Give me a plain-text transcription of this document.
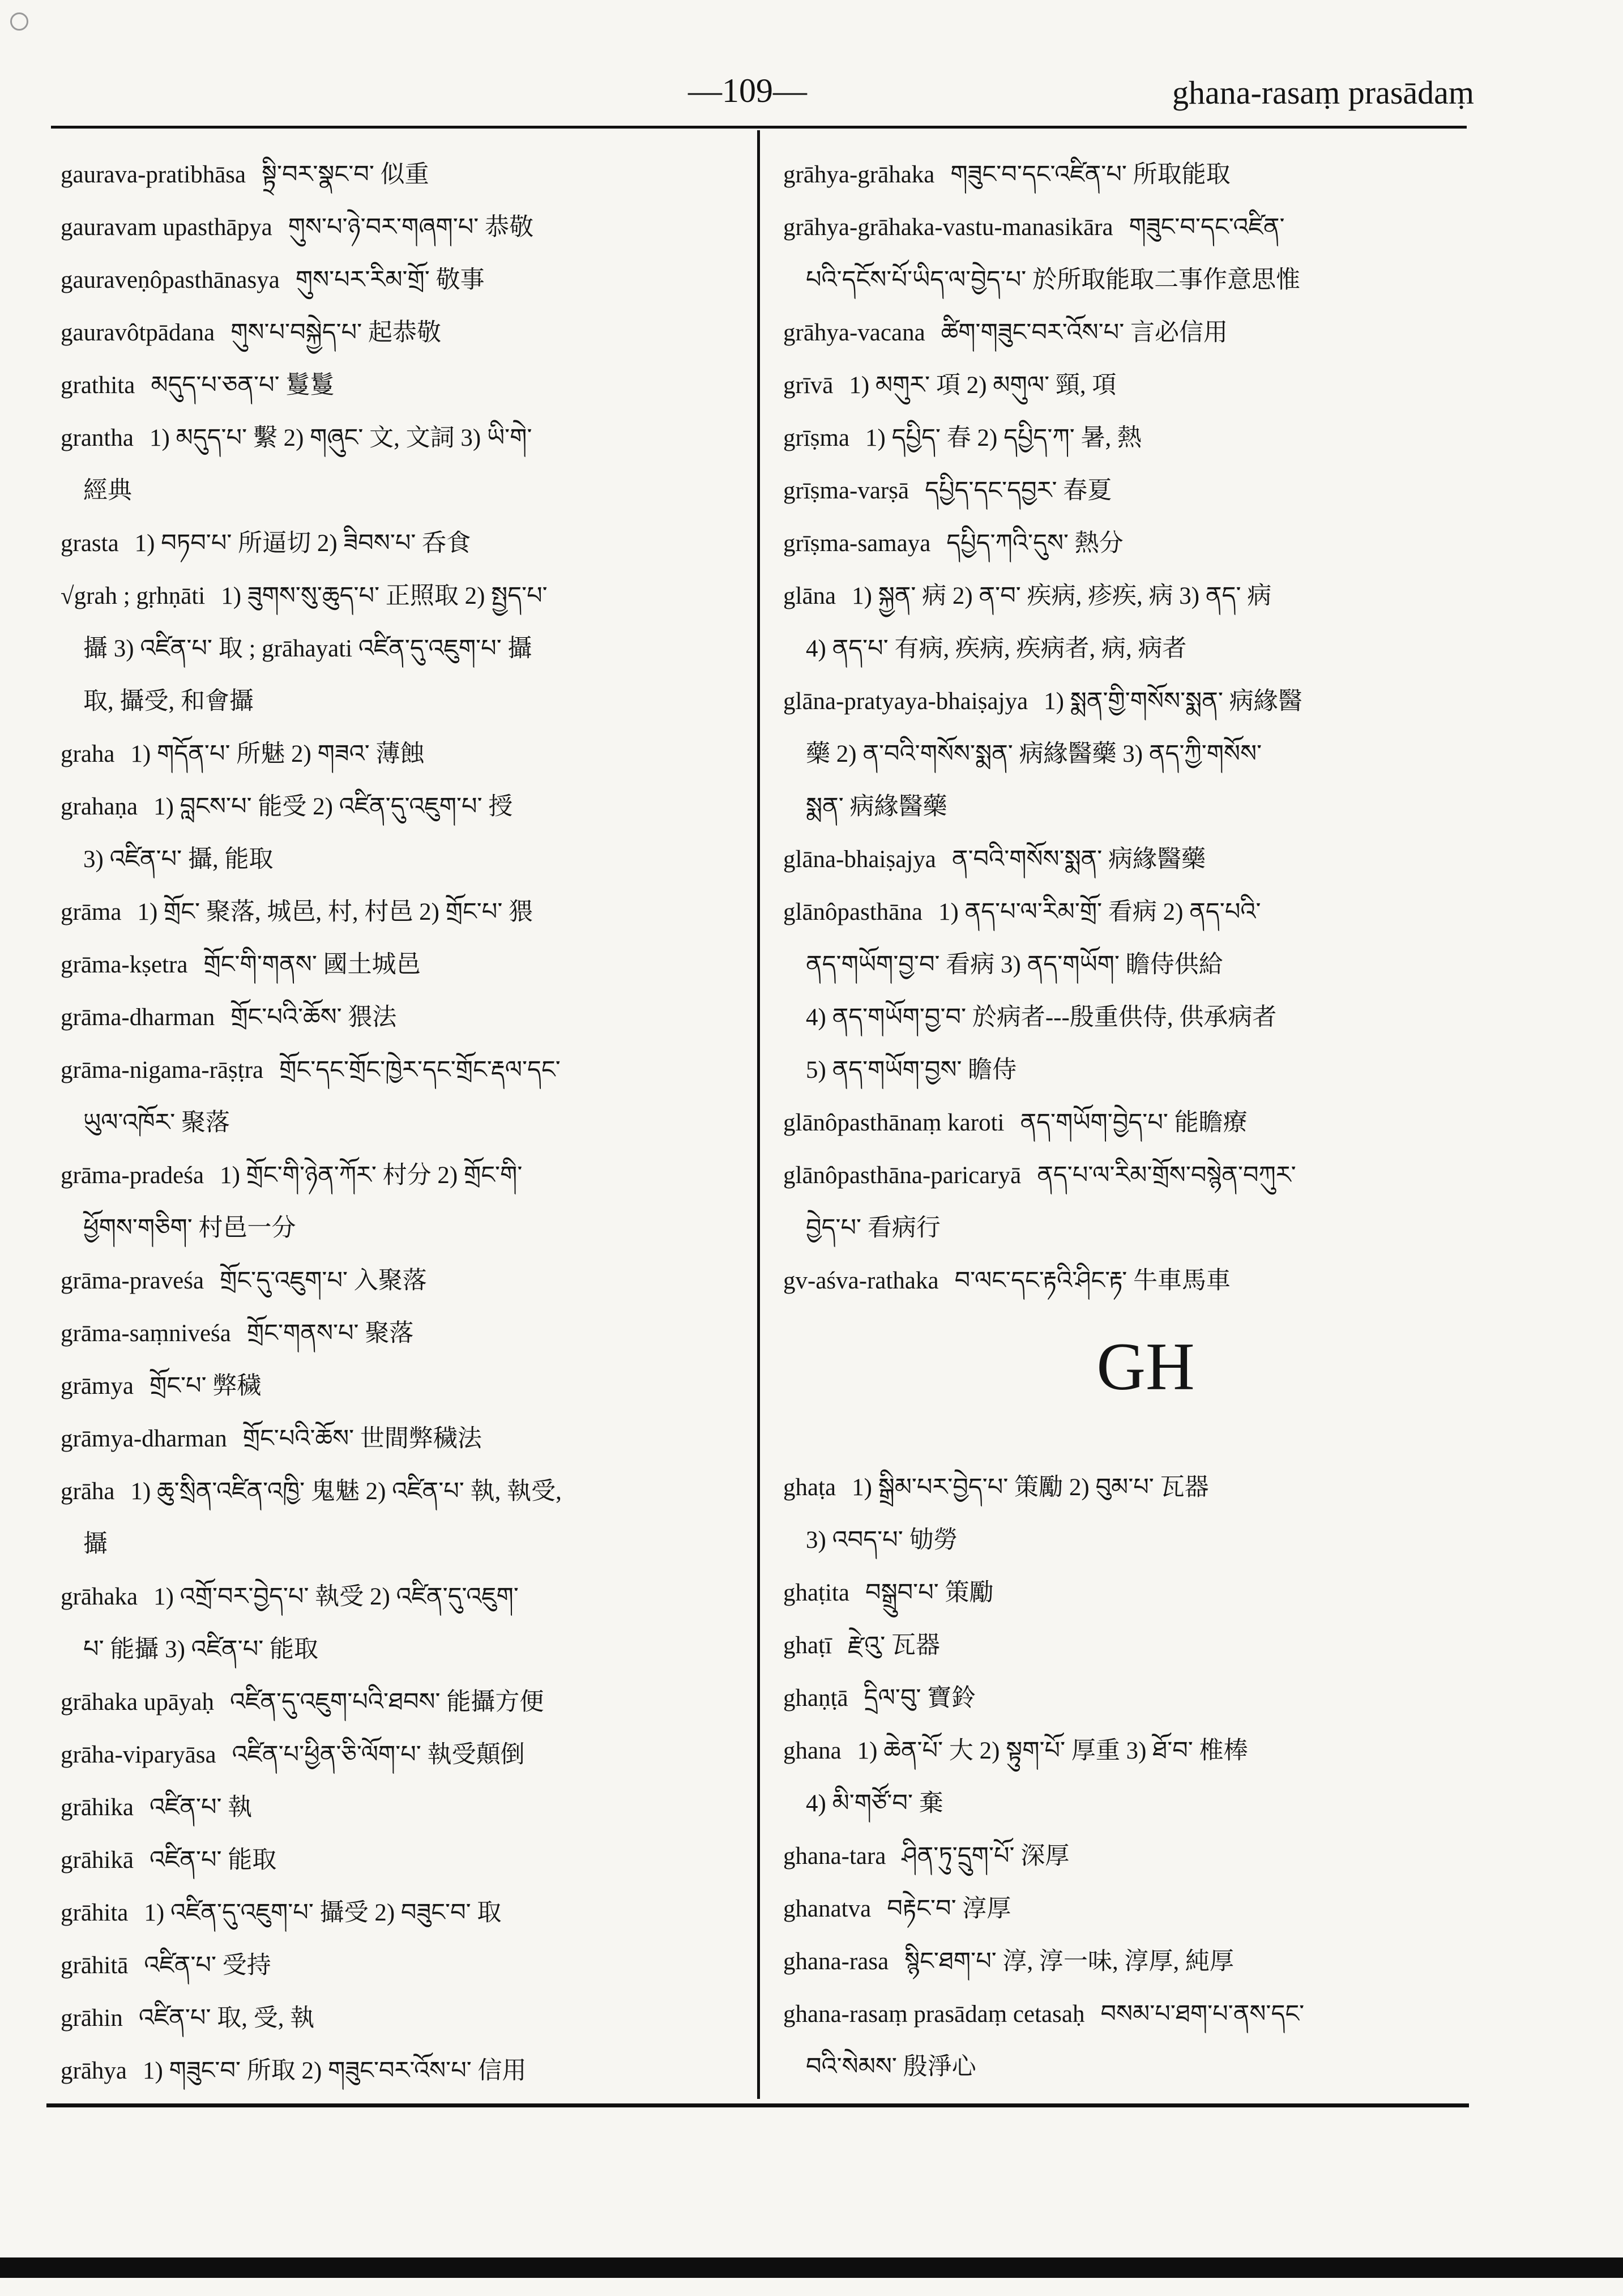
—109—	ghana-rasaṃ prasādaṃ
gaurava-pratibhāsa སྟྲི་བར་སྣང་བ་ 似重
gauravam upasthāpya གུས་པ་ཉེ་བར་གཞག་པ་ 恭敬
gauraveṇôpasthānasya གུས་པར་རིམ་གྲོ་ 敬事
gauravôtpādana གུས་པ་བསྐྱེད་པ་ 起恭敬
grathita མདུད་པ་ཅན་པ་ 鬘鬘
grantha 1) མདུད་པ་ 繫 2) གཞུང་ 文, 文詞 3) ཡི་གེ་
經典
grasta 1) བཏབ་པ་ 所逼切 2) ཟིབས་པ་ 呑食
√grah ; gṛhṇāti 1) ཟུགས་སུ་ཆུད་པ་ 正照取 2) སྤྱད་པ་
攝 3) འཛིན་པ་ 取 ; grāhayati འཛིན་དུ་འཇུག་པ་ 攝
取, 攝受, 和會攝
graha 1) གདོན་པ་ 所魅 2) གཟའ་ 薄蝕
grahaṇa 1) བླངས་པ་ 能受 2) འཛིན་དུ་འཇུག་པ་ 授
3) འཛིན་པ་ 攝, 能取
grāma 1) གྲོང་ 聚落, 城邑, 村, 村邑 2) གྲོང་པ་ 猥
grāma-kṣetra གྲོང་གི་གནས་ 國土城邑
grāma-dharman གྲོང་པའི་ཆོས་ 猥法
grāma-nigama-rāṣṭra གྲོང་དང་གྲོང་ཁྱེར་དང་གྲོང་རྡལ་དང་
ཡུལ་འཁོར་ 聚落
grāma-pradeśa 1) གྲོང་གི་ཉེན་ཀོར་ 村分 2) གྲོང་གི་
ཕྱོགས་གཅིག་ 村邑一分
grāma-praveśa གྲོང་དུ་འཇུག་པ་ 入聚落
grāma-saṃniveśa གྲོང་གནས་པ་ 聚落
grāmya གྲོང་པ་ 弊穢
grāmya-dharman གྲོང་པའི་ཆོས་ 世間弊穢法
grāha 1) ཆུ་སྲིན་འཛིན་འཁྱི་ 鬼魅 2) འཛིན་པ་ 執, 執受,
攝
grāhaka 1) འགྲོ་བར་བྱེད་པ་ 執受 2) འཛིན་དུ་འཇུག་
པ་ 能攝 3) འཛིན་པ་ 能取
grāhaka upāyaḥ འཛིན་དུ་འཇུག་པའི་ཐབས་ 能攝方便
grāha-viparyāsa འཛིན་པ་ཕྱིན་ཅི་ལོག་པ་ 執受顛倒
grāhika འཛིན་པ་ 執
grāhikā འཛིན་པ་ 能取
grāhita 1) འཛིན་དུ་འཇུག་པ་ 攝受 2) བཟུང་བ་ 取
grāhitā འཛིན་པ་ 受持
grāhin འཛིན་པ་ 取, 受, 執
grāhya 1) གཟུང་བ་ 所取 2) གཟུང་བར་འོས་པ་ 信用
grāhya-grāhaka གཟུང་བ་དང་འཛིན་པ་ 所取能取
grāhya-grāhaka-vastu-manasikāra གཟུང་བ་དང་འཛིན་
པའི་དངོས་པོ་ཡིད་ལ་བྱེད་པ་ 於所取能取二事作意思惟
grāhya-vacana ཚིག་གཟུང་བར་འོས་པ་ 言必信用
grīvā 1) མགུར་ 項 2) མགུལ་ 頸, 項
grīṣma 1) དཔྱིད་ 春 2) དཔྱིད་ཀ་ 暑, 熱
grīṣma-varṣā དཔྱིད་དང་དབྱར་ 春夏
grīṣma-samaya དཔྱིད་ཀའི་དུས་ 熱分
glāna 1) སྐྱན་ 病 2) ན་བ་ 疾病, 疹疾, 病 3) ནད་ 病
4) ནད་པ་ 有病, 疾病, 疾病者, 病, 病者
glāna-pratyaya-bhaiṣajya 1) སྨན་གྱི་གསོས་སྨན་ 病緣醫
藥 2) ན་བའི་གསོས་སྨན་ 病緣醫藥 3) ནད་ཀྱི་གསོས་
སྨན་ 病緣醫藥
glāna-bhaiṣajya ན་བའི་གསོས་སྨན་ 病緣醫藥
glānôpasthāna 1) ནད་པ་ལ་རིམ་གྲོ་ 看病 2) ནད་པའི་
ནད་གཡོག་བྱ་བ་ 看病 3) ནད་གཡོག་ 瞻侍供給
4) ནད་གཡོག་བྱ་བ་ 於病者---殷重供侍, 供承病者
5) ནད་གཡོག་བྱས་ 瞻侍
glānôpasthānaṃ karoti ནད་གཡོག་བྱེད་པ་ 能瞻療
glānôpasthāna-paricaryā ནད་པ་ལ་རིམ་གྲོས་བསྙེན་བཀུར་
བྱེད་པ་ 看病行
gv-aśva-rathaka བ་ལང་དང་རྟའི་ཤིང་རྟ་ 牛車馬車
GH
ghaṭa 1) སྒྲིམ་པར་བྱེད་པ་ 策勵 2) བུམ་པ་ 瓦器
3) འབད་པ་ 劬勞
ghaṭita བསྒྲུབ་པ་ 策勵
ghaṭī རྫེའུ་ 瓦器
ghaṇṭā དྲིལ་བུ་ 寶鈴
ghana 1) ཆེན་པོ་ 大 2) སྟུག་པོ་ 厚重 3) ཐོ་བ་ 椎棒
4) མི་གཙོ་བ་ 棄
ghana-tara ཤིན་ཏུ་དྲུག་པོ་ 深厚
ghanatva བརྟེང་བ་ 淳厚
ghana-rasa སྙིང་ཐག་པ་ 淳, 淳一味, 淳厚, 純厚
ghana-rasaṃ prasādaṃ cetasaḥ བསམ་པ་ཐག་པ་ནས་དང་
བའི་སེམས་ 殷淨心
